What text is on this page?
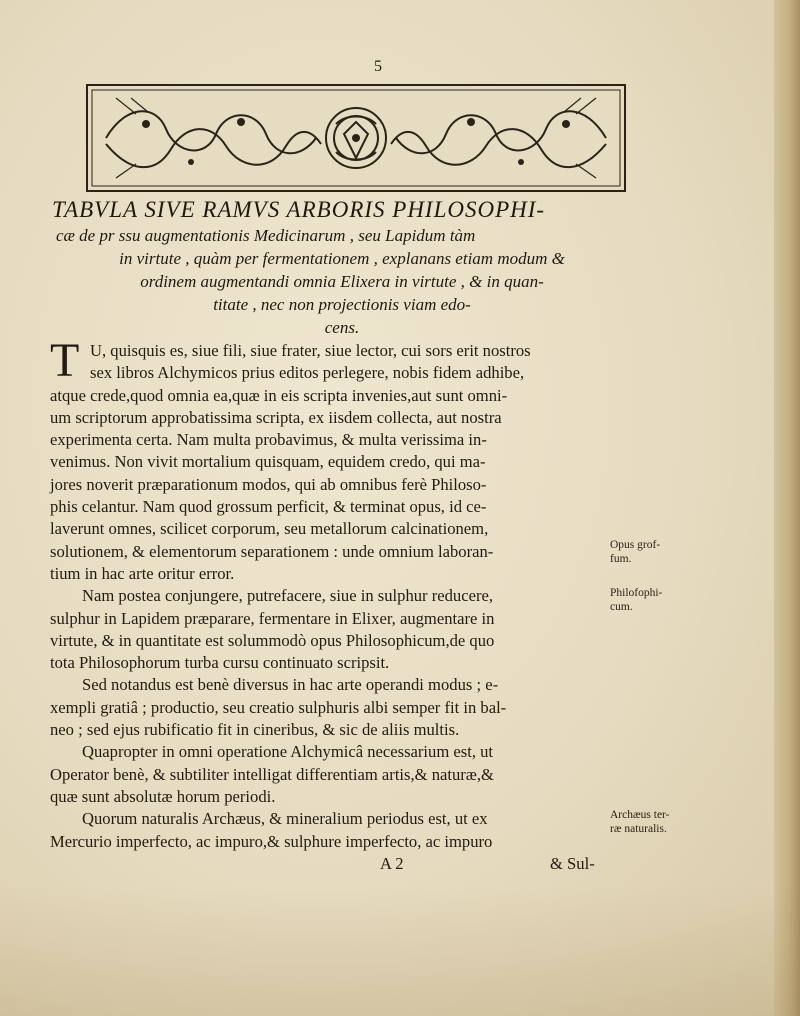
5
TABVLA SIVE RAMVS ARBORIS PHILOSOPHI-
cæ de pr ssu augmentationis Medicinarum , seu Lapidum tàm
in virtute , quàm per fermentationem , explanans etiam modum &
ordinem augmentandi omnia Elixera in virtute , & in quan-
titate , nec non projectionis viam edo-
cens.
T U, quisquis es, siue fili, siue frater, siue lector, cui sors erit nostros
sex libros Alchymicos prius editos perlegere, nobis fidem adhibe,
atque crede,quod omnia ea,quæ in eis scripta invenies,aut sunt omni-
um scriptorum approbatissima scripta, ex iisdem collecta, aut nostra
experimenta certa. Nam multa probavimus, & multa verissima in-
venimus. Non vivit mortalium quisquam, equidem credo, qui ma-
jores noverit præparationum modos, qui ab omnibus ferè Philoso-
phis celantur. Nam quod grossum perficit, & terminat opus, id ce-
laverunt omnes, scilicet corporum, seu metallorum calcinationem,
solutionem, & elementorum separationem : unde omnium laboran-
tium in hac arte oritur error.
Nam postea conjungere, putrefacere, siue in sulphur reducere,
sulphur in Lapidem præparare, fermentare in Elixer, augmentare in
virtute, & in quantitate est solummodò opus Philosophicum,de quo
tota Philosophorum turba cursu continuato scripsit.
Sed notandus est benè diversus in hac arte operandi modus ; e-
xempli gratiâ ; productio, seu creatio sulphuris albi semper fit in bal-
neo ; sed ejus rubificatio fit in cineribus, & sic de aliis multis.
Quapropter in omni operatione Alchymicâ necessarium est, ut
Operator benè, & subtiliter intelligat differentiam artis,& naturæ,&
quæ sunt absolutæ horum periodi.
Quorum naturalis Archæus, & mineralium periodus est, ut ex
Mercurio imperfecto, ac impuro,& sulphure imperfecto, ac impuro
A 2	& Sul-
Opus grof-
fum.
Philofophi-
cum.
Archæus ter-
ræ naturalis.
